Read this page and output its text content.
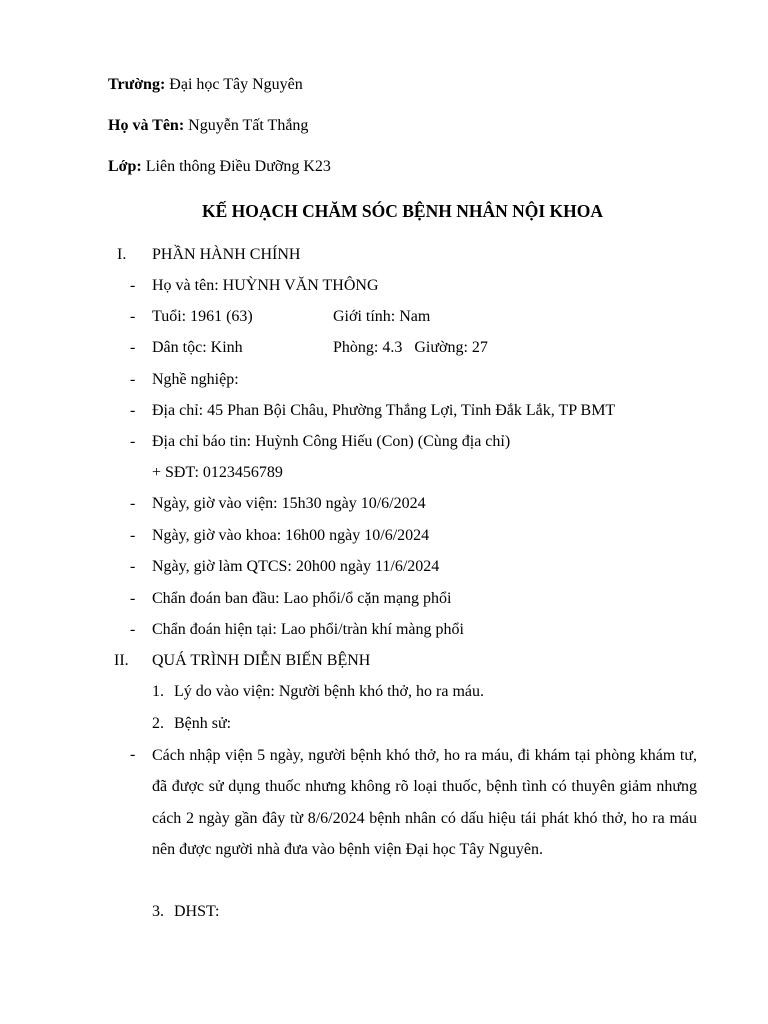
Trường: Đại học Tây Nguyên
Họ và Tên: Nguyễn Tất Thắng
Lớp: Liên thông Điều Dưỡng K23
KẾ HOẠCH CHĂM SÓC BỆNH NHÂN NỘI KHOA
I. PHẦN HÀNH CHÍNH
- Họ và tên: HUỲNH VĂN THÔNG
- Tuổi: 1961 (63)	Giới tính: Nam
- Dân tộc: Kinh	Phòng: 4.3   Giường: 27
- Nghề nghiệp:
- Địa chỉ: 45 Phan Bội Châu, Phường Thắng Lợi, Tỉnh Đắk Lắk, TP BMT
- Địa chỉ báo tin: Huỳnh Công Hiếu (Con) (Cùng địa chỉ)
+ SĐT: 0123456789
- Ngày, giờ vào viện: 15h30 ngày 10/6/2024
- Ngày, giờ vào khoa: 16h00 ngày 10/6/2024
- Ngày, giờ làm QTCS: 20h00 ngày 11/6/2024
- Chẩn đoán ban đầu: Lao phổi/ổ cặn mạng phổi
- Chẩn đoán hiện tại: Lao phổi/tràn khí màng phổi
II. QUÁ TRÌNH DIỄN BIẾN BỆNH
1. Lý do vào viện: Người bệnh khó thở, ho ra máu.
2. Bệnh sử:
- Cách nhập viện 5 ngày, người bệnh khó thở, ho ra máu, đi khám tại phòng khám tư, đã được sử dụng thuốc nhưng không rõ loại thuốc, bệnh tình có thuyên giảm nhưng cách 2 ngày gần đây từ 8/6/2024 bệnh nhân có dấu hiệu tái phát khó thở, ho ra máu nên được người nhà đưa vào bệnh viện Đại học Tây Nguyên.
3. DHST:
